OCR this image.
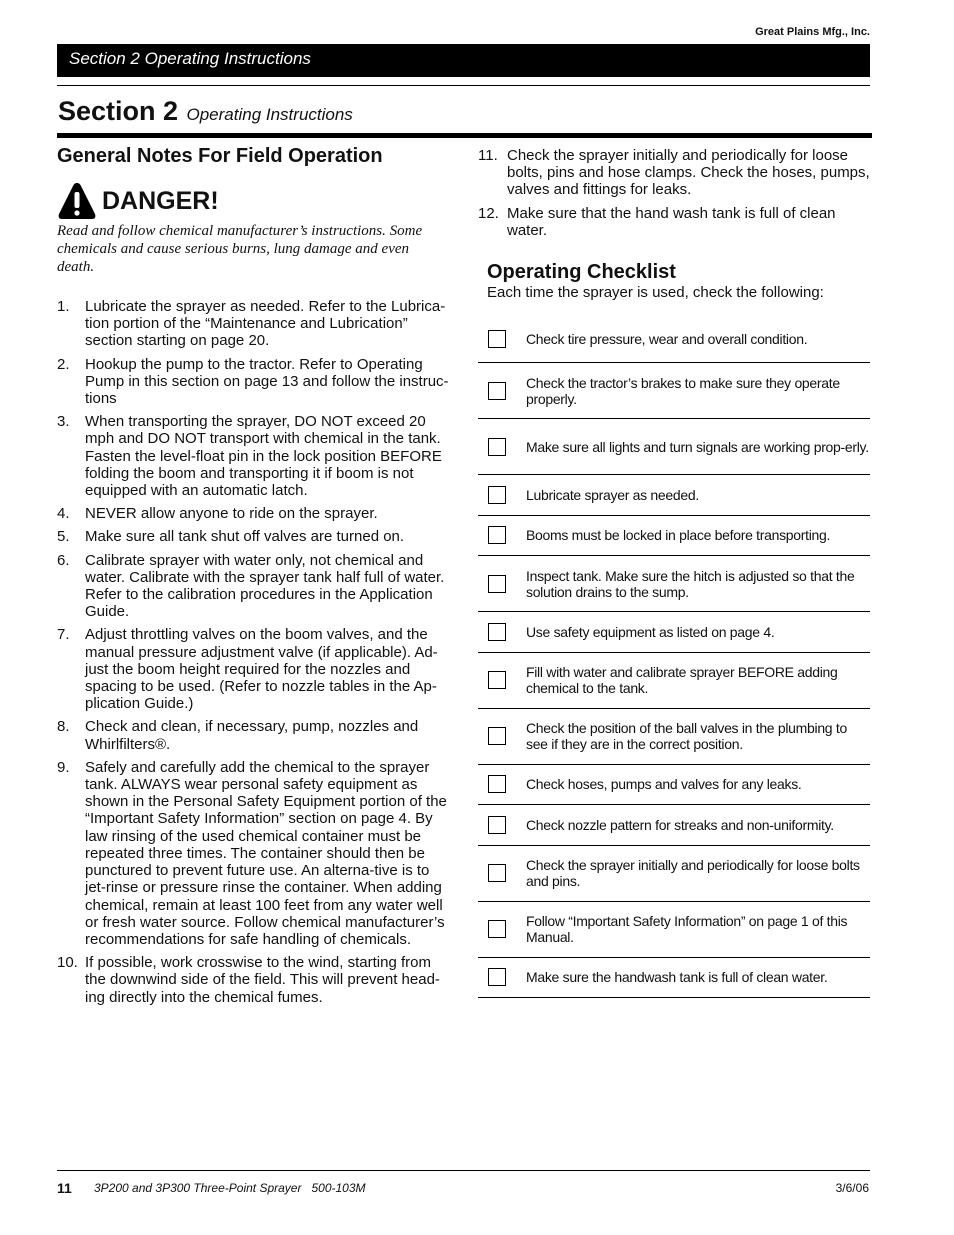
Great Plains Mfg., Inc.
Section 2 Operating Instructions
Section 2 Operating Instructions
General Notes For Field Operation
DANGER!
Read and follow chemical manufacturer’s instructions. Some chemicals and cause serious burns, lung damage and even death.
1.	Lubricate the sprayer as needed. Refer to the Lubrica-tion portion of the “Maintenance and Lubrication” section starting on page 20.
2.	Hookup the pump to the tractor. Refer to Operating Pump in this section on page 13 and follow the instruc-tions
3.	When transporting the sprayer, DO NOT exceed 20 mph and DO NOT transport with chemical in the tank. Fasten the level-float pin in the lock position BEFORE folding the boom and transporting it if boom is not equipped with an automatic latch.
4.	NEVER allow anyone to ride on the sprayer.
5.	Make sure all tank shut off valves are turned on.
6.	Calibrate sprayer with water only, not chemical and water. Calibrate with the sprayer tank half full of water. Refer to the calibration procedures in the Application Guide.
7.	Adjust throttling valves on the boom valves, and the manual pressure adjustment valve (if applicable). Ad-just the boom height required for the nozzles and spacing to be used. (Refer to nozzle tables in the Ap-plication Guide.)
8.	Check and clean, if necessary, pump, nozzles and Whirlfilters®.
9.	Safely and carefully add the chemical to the sprayer tank. ALWAYS wear personal safety equipment as shown in the Personal Safety Equipment portion of the “Important Safety Information” section on page 4. By law rinsing of the used chemical container must be repeated three times. The container should then be punctured to prevent future use. An alterna-tive is to jet-rinse or pressure rinse the container. When adding chemical, remain at least 100 feet from any water well or fresh water source. Follow chemical manufacturer’s recommendations for safe handling of chemicals.
10. If possible, work crosswise to the wind, starting from the downwind side of the field. This will prevent head-ing directly into the chemical fumes.
11. Check the sprayer initially and periodically for loose bolts, pins and hose clamps. Check the hoses, pumps, valves and fittings for leaks.
12. Make sure that the hand wash tank is full of clean water.
Operating Checklist
Each time the sprayer is used, check the following:
Check tire pressure, wear and overall condition.
Check the tractor’s brakes to make sure they operate properly.
Make sure all lights and turn signals are working prop-erly.
Lubricate sprayer as needed.
Booms must be locked in place before transporting.
Inspect tank. Make sure the hitch is adjusted so that the solution drains to the sump.
Use safety equipment as listed on page 4.
Fill with water and calibrate sprayer BEFORE adding chemical to the tank.
Check the position of the ball valves in the plumbing to see if they are in the correct position.
Check hoses, pumps and valves for any leaks.
Check nozzle pattern for streaks and non-uniformity.
Check the sprayer initially and periodically for loose bolts and pins.
Follow “Important Safety Information” on page 1 of this Manual.
Make sure the handwash tank is full of clean water.
11 3P200 and 3P300 Three-Point Sprayer   500-103M	3/6/06
